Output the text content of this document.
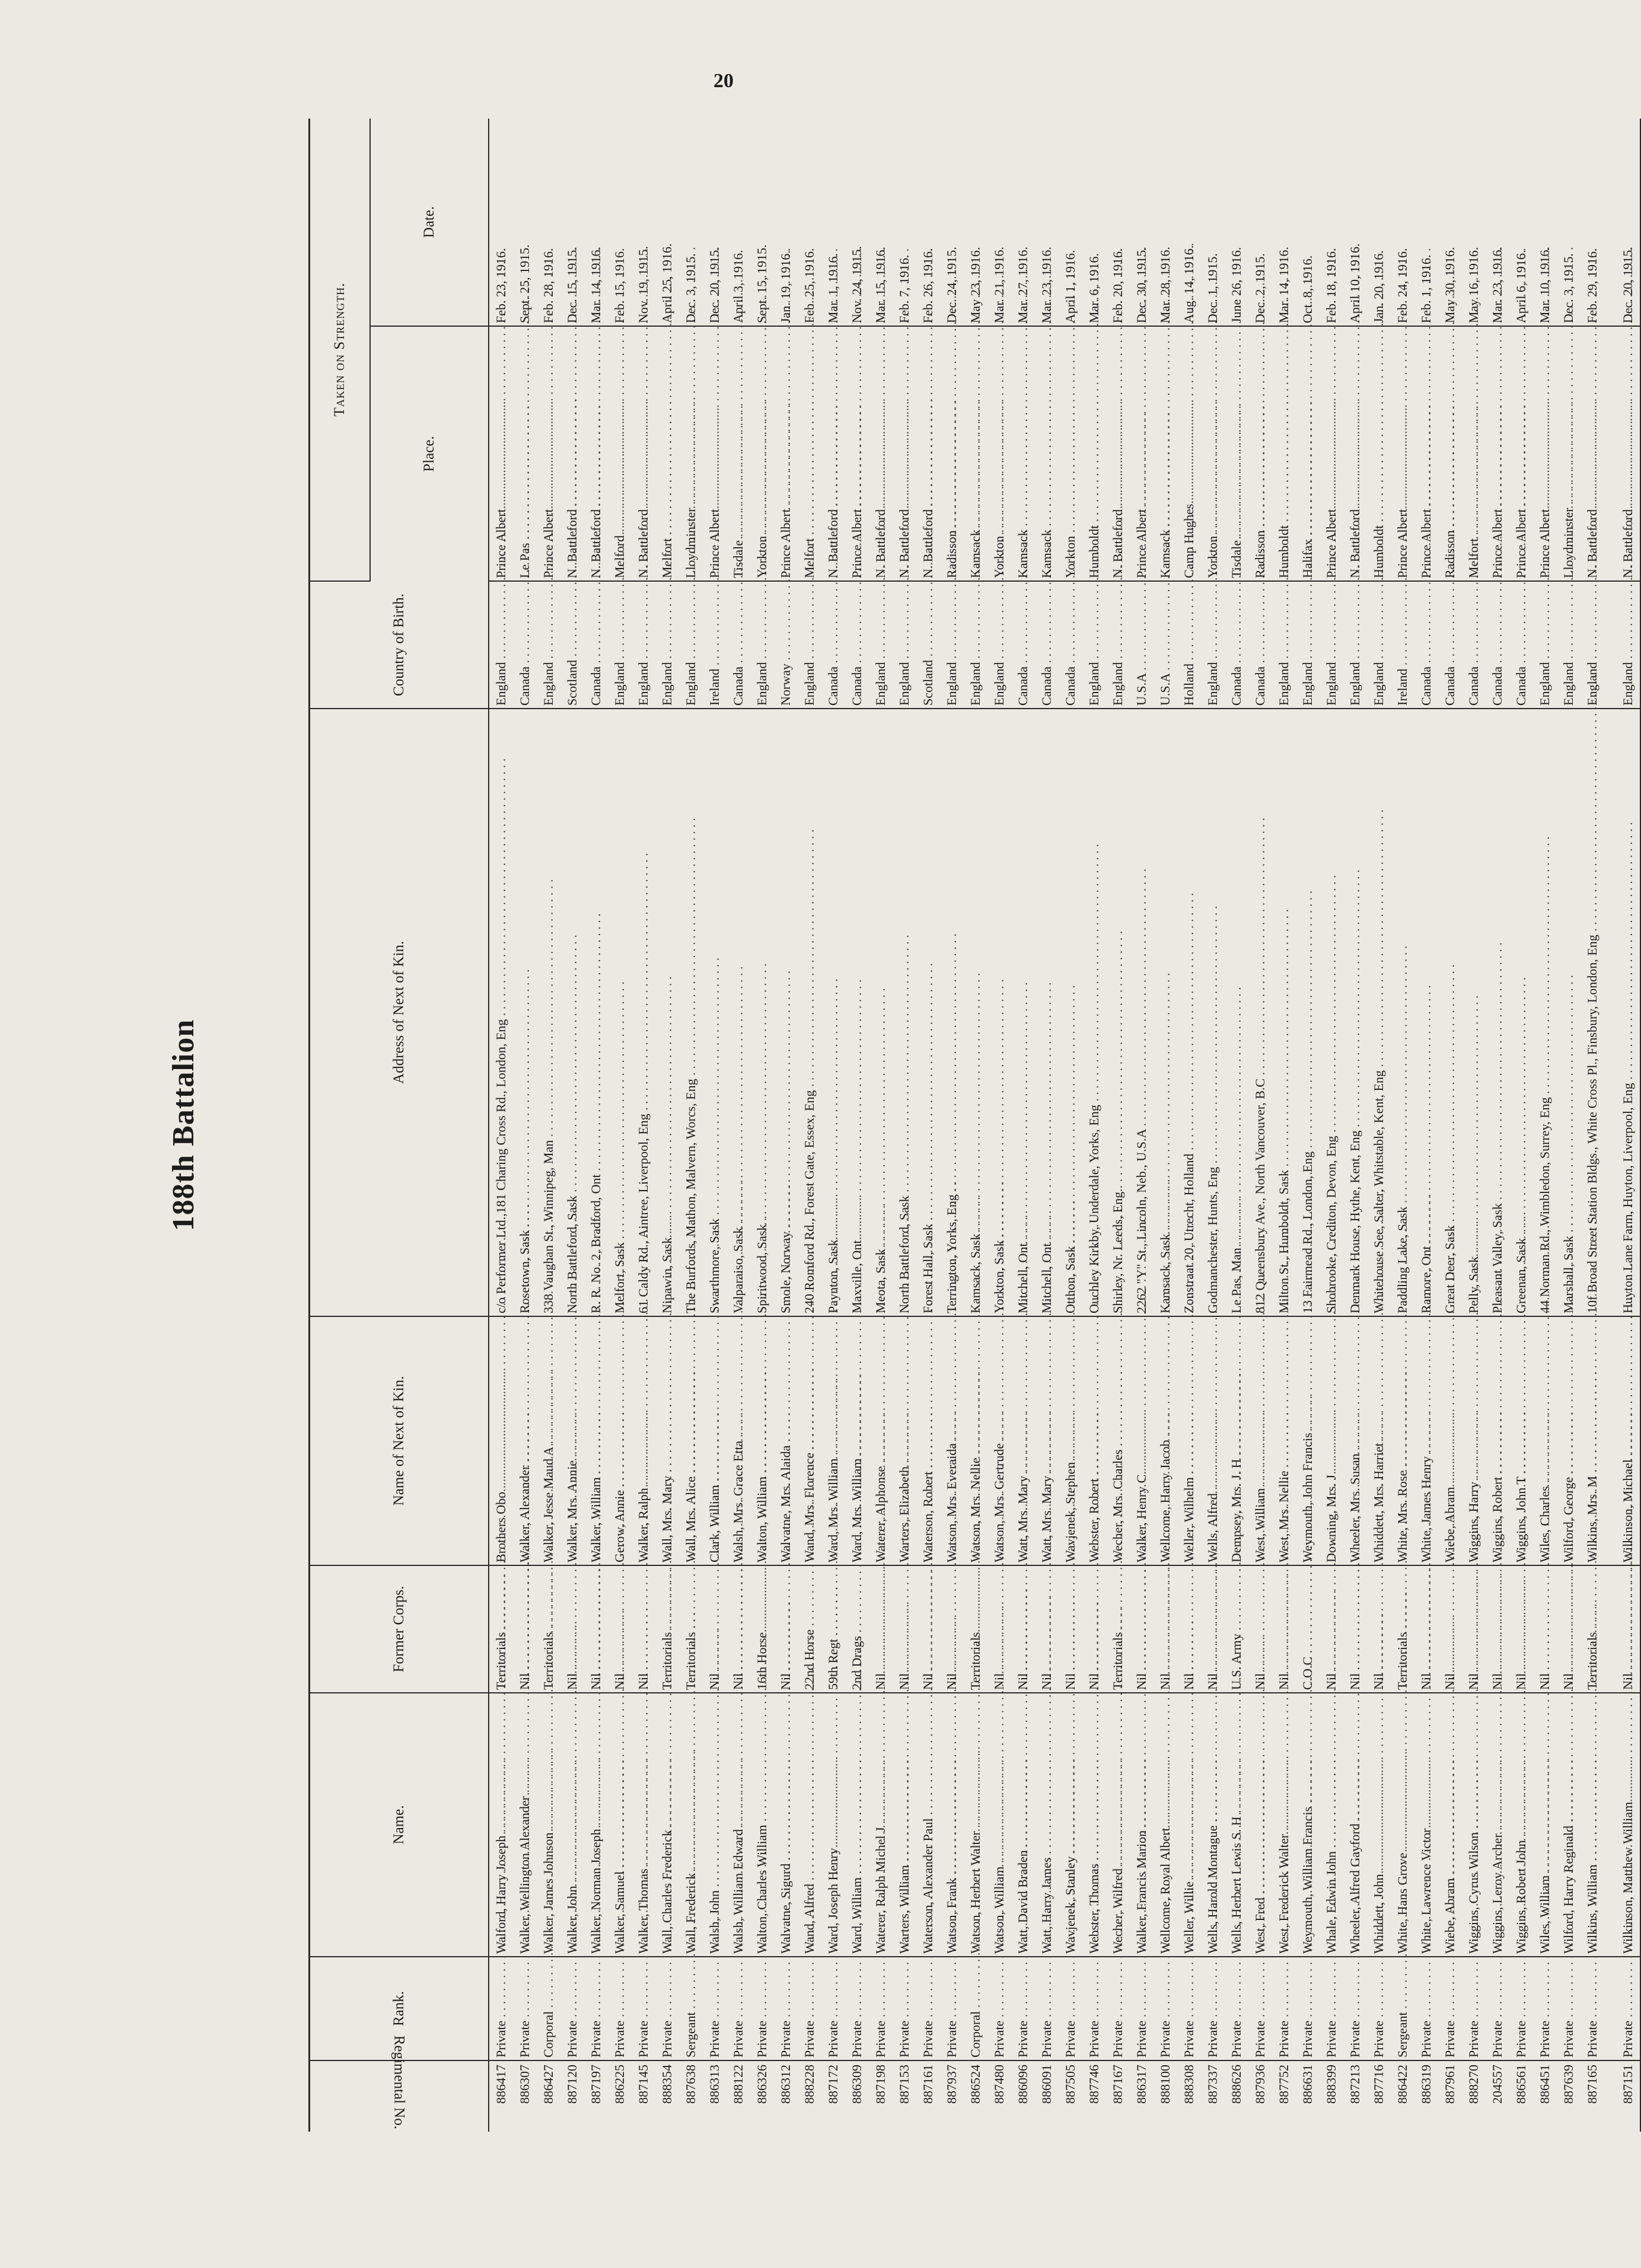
20
188th Battalion
Regimental No.	Rank.	Name.	Former Corps.	Name of Next of Kin.	Address of Next of Kin.	Country of Birth.	Taken on Strength.	
							Place.	Date.
886417	Private . . .	Walford, Harry Joseph . . .	Territorials . . .	Brothers Obo . . .	c/o Performer Ltd.,181 Charing Cross Rd., London, Eng . . .	England . . .	Prince Albert . . .	Feb. 23, 1916.
886307	Private . . .	Walker, Wellington Alexander . . .	Nil . . .	Walker, Alexander . . .	Rosetown, Sask . . .	Canada . . .	Le Pas . . .	Sept. 25, 1915.
886427	Corporal . . .	Walker, James Johnson . . .	Territorials . . .	Walker, Jesse Maud A . . .	338 Vaughan St., Winnipeg, Man . . .	England . . .	Prince Albert . . .	Feb. 28, 1916.
887120	Private . . .	Walker, John . . .	Nil . . .	Walker, Mrs. Annie . . .	North Battleford, Sask . . .	Scotland . . .	N. Battleford . . .	Dec. 15, 1915.
887197	Private . . .	Walker, Norman Joseph . . .	Nil . . .	Walker, William . . .	R. R. No. 2, Bradford, Ont . . .	Canada . . .	N. Battleford . . .	Mar. 14, 1916.
886225	Private . . .	Walker, Samuel . . .	Nil . . .	Gerow, Annie . . .	Melfort, Sask . . .	England . . .	Melford . . .	Feb. 15, 1916.
887145	Private . . .	Walker, Thomas . . .	Nil . . .	Walker, Ralph . . .	61 Caldy Rd., Aintree, Liverpool, Eng . . .	England . . .	N. Battleford . . .	Nov. 19, 1915.
888354	Private . . .	Wall, Charles Frederick . . .	Territorials . . .	Wall, Mrs. Mary . . .	Nipawin, Sask . . .	England . . .	Melfort . . .	April 25, 1916.
887638	Sergeant . . .	Wall, Frederick . . .	Territorials . . .	Wall, Mrs. Alice . . .	The Burfords, Mathon, Malvern, Worcs, Eng . . .	England . . .	Lloydminster . . .	Dec. 3, 1915.
886313	Private . . .	Walsh, John . . .	Nil . . .	Clark, William . . .	Swarthmore, Sask . . .	Ireland . . .	Prince Albert . . .	Dec. 20, 1915.
888122	Private . . .	Walsh, William Edward . . .	Nil . . .	Walsh, Mrs. Grace Etta . . .	Valparaiso, Sask . . .	Canada . . .	Tisdale . . .	April 3, 1916.
886326	Private . . .	Walton, Charles William . . .	16th Horse . . .	Walton, William . . .	Spiritwood, Sask . . .	England . . .	Yorkton . . .	Sept. 15, 1915.
886312	Private . . .	Walvatne, Sigurd . . .	Nil . . .	Walvatne, Mrs. Alaida . . .	Smole, Norway . . .	Norway . . .	Prince Albert . . .	Jan. 19, 1916.
888228	Private . . .	Wand, Alfred . . .	22nd Horse . . .	Wand, Mrs. Florence . . .	240 Romford Rd., Forest Gate, Essex, Eng . . .	England . . .	Melfort . . .	Feb. 25, 1916.
887172	Private . . .	Ward, Joseph Henry . . .	59th Regt . . .	Ward, Mrs. William . . .	Paynton, Sask . . .	Canada . . .	N. Battleford . . .	Mar. 1, 1916.
886309	Private . . .	Ward, William . . .	2nd Drags . . .	Ward, Mrs. William . . .	Maxville, Ont . . .	Canada . . .	Prince Albert . . .	Nov. 24, 1915.
887198	Private . . .	Waterer, Ralph Michel J . . .	Nil . . .	Waterer, Alphonse . . .	Meota, Sask . . .	England . . .	N. Battleford . . .	Mar. 15, 1916.
887153	Private . . .	Warters, William . . .	Nil . . .	Warters, Elizabeth . . .	North Battleford, Sask . . .	England . . .	N. Battleford . . .	Feb. 7, 1916.
887161	Private . . .	Waterson, Alexander Paul . . .	Nil . . .	Waterson, Robert . . .	Forest Hall, Sask . . .	Scotland . . .	N. Battleford . . .	Feb. 26, 1916.
887937	Private . . .	Watson, Frank . . .	Nil . . .	Watson, Mrs. Everaida . . .	Terrington, Yorks, Eng . . .	England . . .	Radisson . . .	Dec. 24, 1915.
886524	Corporal . . .	Watson, Herbert Walter . . .	Territorials . . .	Watson, Mrs. Nellie . . .	Kamsack, Sask . . .	England . . .	Kamsack . . .	May 23, 1916.
887480	Private . . .	Watson, William . . .	Nil . . .	Watson, Mrs. Gertrude . . .	Yorkton, Sask . . .	England . . .	Yorkton . . .	Mar. 21, 1916.
886096	Private . . .	Watt, David Braden . . .	Nil . . .	Watt, Mrs. Mary . . .	Mitchell, Ont . . .	Canada . . .	Kamsack . . .	Mar. 27, 1916.
886091	Private . . .	Watt, Harry James . . .	Nil . . .	Watt, Mrs. Mary . . .	Mitchell, Ont . . .	Canada . . .	Kamsack . . .	Mar. 23, 1916.
887505	Private . . .	Wavjenek, Stanley . . .	Nil . . .	Wavjenek, Stephen . . .	Otthon, Sask . . .	Canada . . .	Yorkton . . .	April 1, 1916.
887746	Private . . .	Webster, Thomas . . .	Nil . . .	Webster, Robert . . .	Ouchley Kirkby, Underdale, Yorks, Eng . . .	England . . .	Humboldt . . .	Mar. 6, 1916.
887167	Private . . .	Wecher, Wilfred . . .	Territorials . . .	Wecher, Mrs. Charles . . .	Shirley, Nr. Leeds, Eng . . .	England . . .	N. Battleford . . .	Feb. 20, 1916.
886317	Private . . .	Walker, Francis Marion . . .	Nil . . .	Walker, Henry C . . .	2262 "Y" St., Lincoln, Neb., U.S.A . . .	U.S.A . . .	Prince Albert . . .	Dec. 30, 1915.
888100	Private . . .	Wellcome, Royal Albert . . .	Nil . . .	Wellcome, Harry Jacob . . .	Kamsack, Sask . . .	U.S.A . . .	Kamsack . . .	Mar. 28, 1916.
888308	Private . . .	Weller, Willie . . .	Nil . . .	Weller, Wilhelm . . .	Zonstraat 20, Utrecht, Holland . . .	Holland . . .	Camp Hughes . . .	Aug. 14, 1916.
887337	Private . . .	Wells, Harold Montague . . .	Nil . . .	Wells, Alfred . . .	Godmanchester, Hunts, Eng . . .	England . . .	Yorkton . . .	Dec. 1, 1915.
888626	Private . . .	Wells, Herbert Lewis S. H . . .	U.S. Army . . .	Dempsey, Mrs. J. H . . .	Le Pas, Man . . .	Canada . . .	Tisdale . . .	June 26, 1916.
887936	Private . . .	West, Fred . . .	Nil . . .	West, William . . .	812 Queensbury Ave., North Vancouver, B.C . . .	Canada . . .	Radisson . . .	Dec. 2, 1915.
887752	Private . . .	West, Frederick Walter . . .	Nil . . .	West, Mrs. Nellie . . .	Milton St., Humboldt, Sask . . .	England . . .	Humboldt . . .	Mar. 14, 1916.
886631	Private . . .	Weymouth, William Francis . . .	C.O.C . . .	Weymouth, John Francis . . .	13 Fairmead Rd., London, Eng . . .	England . . .	Halifax . . .	Oct. 8, 1916.
888399	Private . . .	Whale, Edwin John . . .	Nil . . .	Downing, Mrs. J . . .	Shobrooke, Crediton, Devon, Eng . . .	England . . .	Prince Albert . . .	Feb. 18, 1916.
887213	Private . . .	Wheeler, Alfred Gayford . . .	Nil . . .	Wheeler, Mrs. Susan . . .	Denmark House, Hythe, Kent, Eng . . .	England . . .	N. Battleford . . .	April 10, 1916.
887716	Private . . .	Whiddett, John . . .	Nil . . .	Whiddett, Mrs. Harriet . . .	Whitehouse See, Salter, Whitstable, Kent, Eng . . .	England . . .	Humboldt . . .	Jan. 20, 1916.
886422	Sergeant . . .	White, Hans Grove . . .	Territorials . . .	White, Mrs. Rose . . .	Paddling Lake, Sask . . .	Ireland . . .	Prince Albert . . .	Feb. 24, 1916.
886319	Private . . .	White, Lawrence Victor . . .	Nil . . .	White, James Henry . . .	Ramore, Ont . . .	Canada . . .	Prince Albert . . .	Feb. 1, 1916.
887961	Private . . .	Wiebe, Abram . . .	Nil . . .	Wiebe, Abram . . .	Great Deer, Sask . . .	Canada . . .	Radisson . . .	May 30, 1916.
888270	Private . . .	Wiggins, Cyrus Wilson . . .	Nil . . .	Wiggins, Harry . . .	Pelly, Sask . . .	Canada . . .	Melfort . . .	May 16, 1916.
204557	Private . . .	Wiggins, Leroy Archer . . .	Nil . . .	Wiggins, Robert . . .	Pleasant Valley, Sask . . .	Canada . . .	Prince Albert . . .	Mar. 23, 1916.
886561	Private . . .	Wiggins, Robert John . . .	Nil . . .	Wiggins, John T . . .	Greenan, Sask . . .	Canada . . .	Prince Albert . . .	April 6, 1916.
886451	Private . . .	Wiles, William . . .	Nil . . .	Wiles, Charles . . .	44 Norman Rd., Wimbledon, Surrey, Eng . . .	England . . .	Prince Albert . . .	Mar. 10, 1916.
887639	Private . . .	Wilford, Harry Reginald . . .	Nil . . .	Wilford, George . . .	Marshall, Sask . . .	England . . .	Lloydminster . . .	Dec. 3, 1915.
887165	Private . . .	Wilkins, William . . .	Territorials . . .	Wilkins, Mrs. M . . .	10f Broad Street Station Bldgs., White Cross Pl., Finsbury, London, Eng . . .	England . . .	N. Battleford . . .	Feb. 29, 1916.

887151	Private . . .	Wilkinson, Matthew William . . .	Nil . . .	Wilkinson, Michael . . .	Huyton Lane Farm, Huyton, Liverpool, Eng . . .	England . . .	N. Battleford . . .	Dec. 20, 1915.
